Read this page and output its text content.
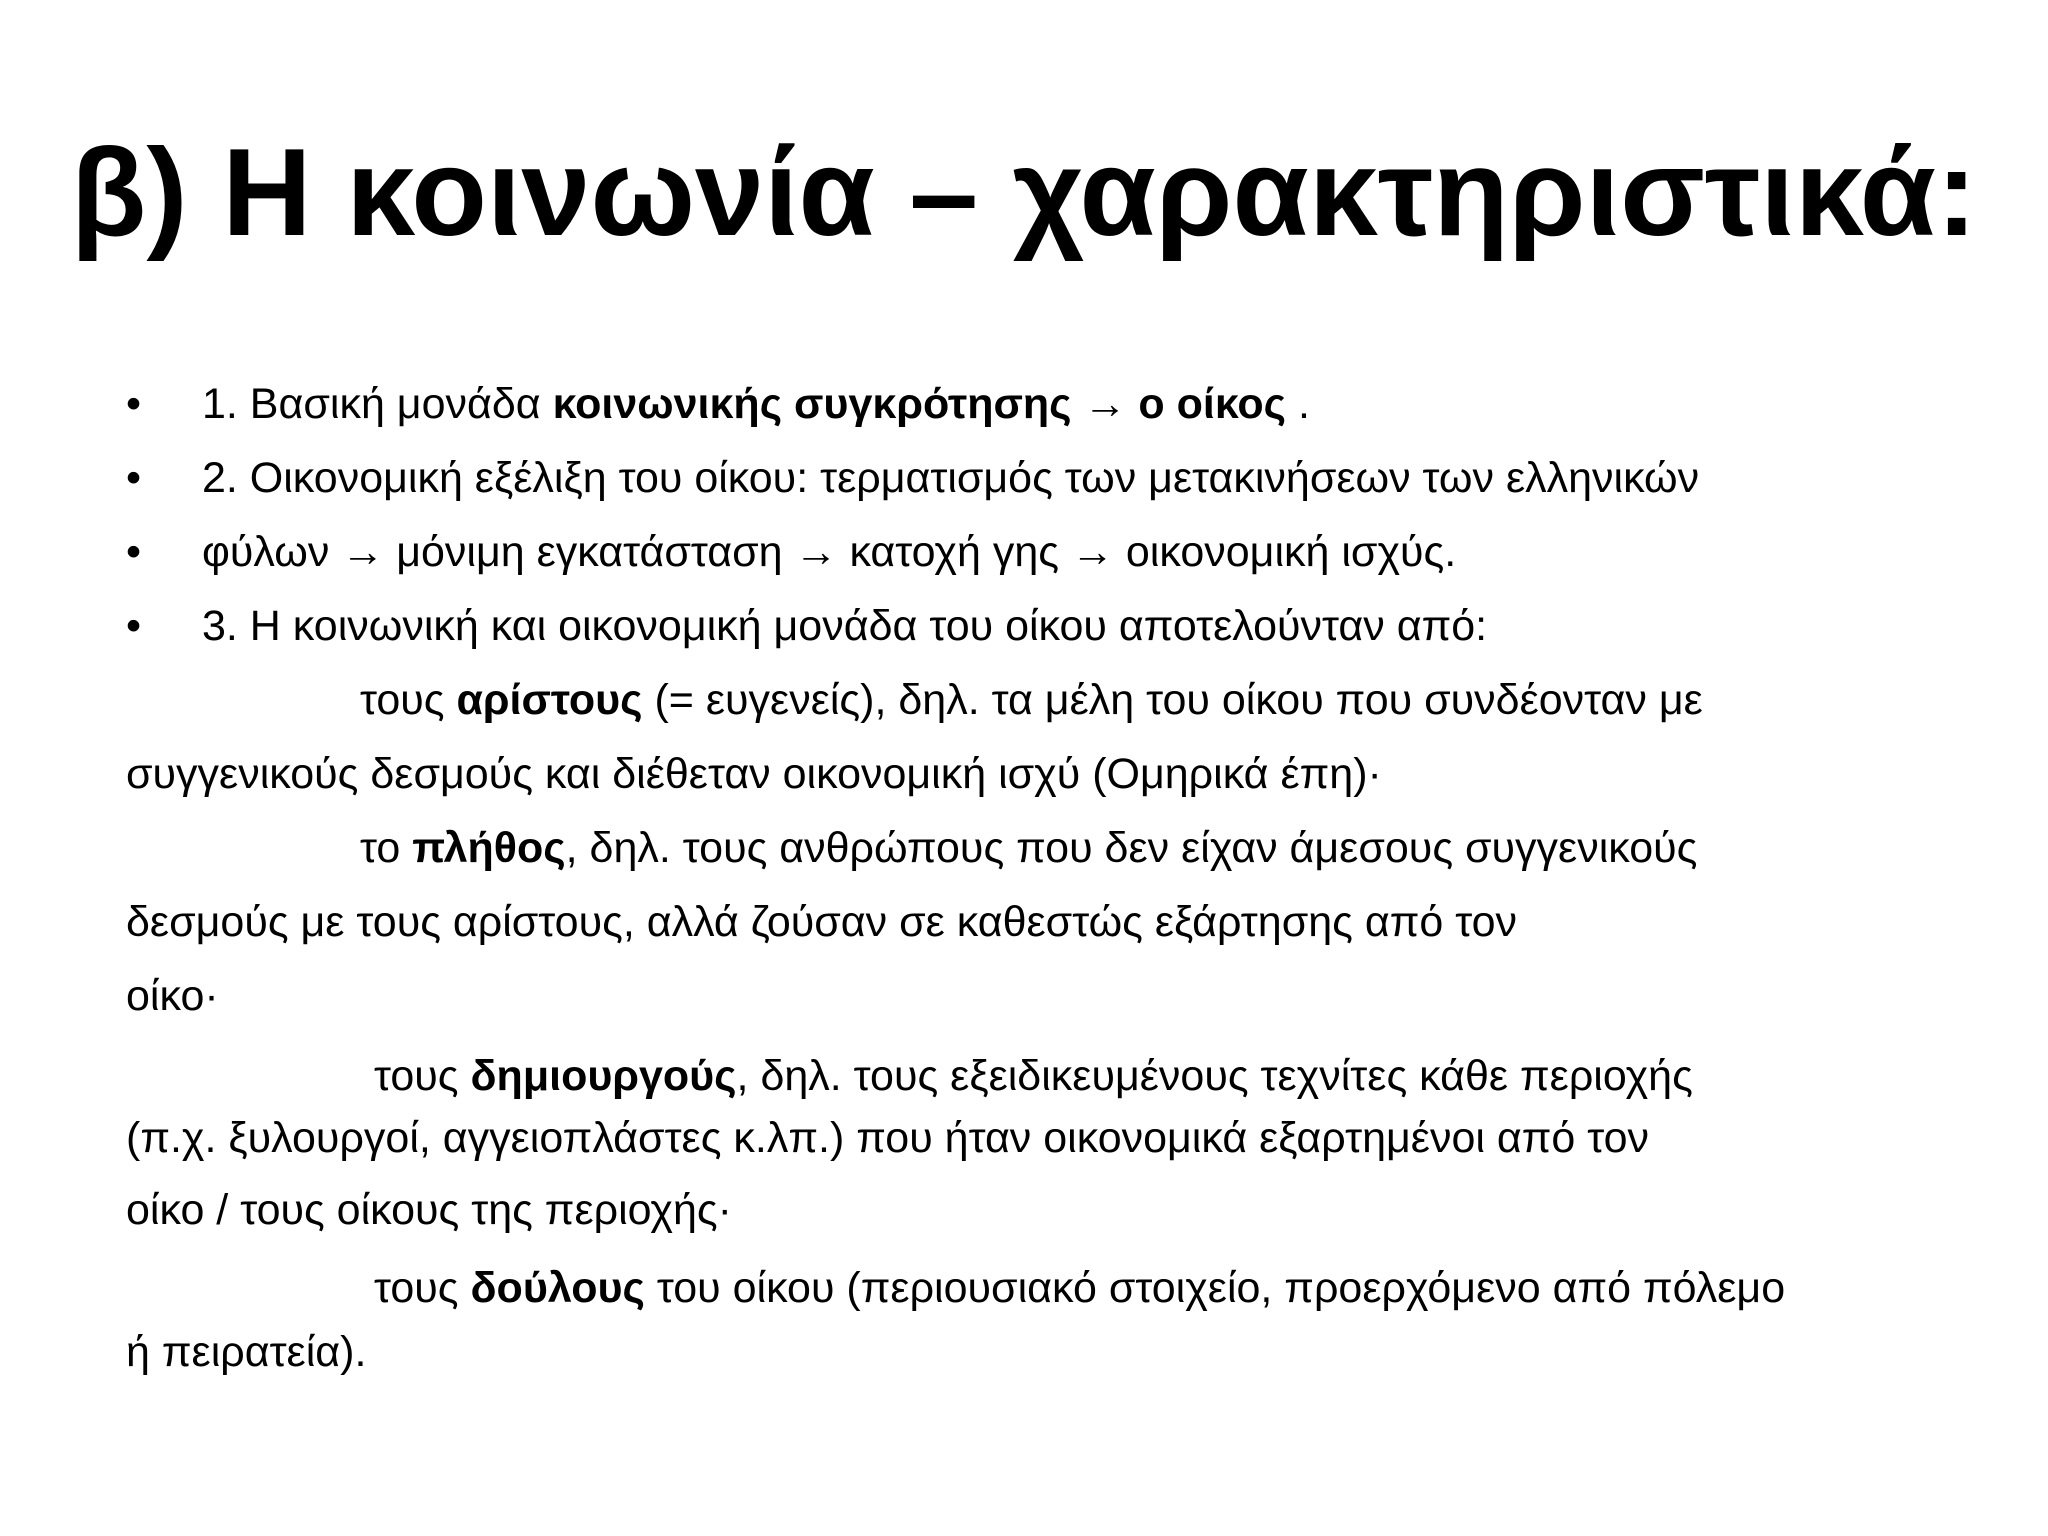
β) Η κοινωνία – χαρακτηριστικά:
• 1. Βασική μονάδα κοινωνικής συγκρότησης → ο οίκος .
• 2. Οικονομική εξέλιξη του οίκου: τερματισμός των μετακινήσεων των ελληνικών
• φύλων → μόνιμη εγκατάσταση → κατοχή γης → οικονομική ισχύς.
• 3. Η κοινωνική και οικονομική μονάδα του οίκου αποτελούνταν από:
τους αρίστους (= ευγενείς), δηλ. τα μέλη του οίκου που συνδέονταν με
συγγενικούς δεσμούς και διέθεταν οικονομική ισχύ (Ομηρικά έπη)·
το πλήθος, δηλ. τους ανθρώπους που δεν είχαν άμεσους συγγενικούς
δεσμούς με τους αρίστους, αλλά ζούσαν σε καθεστώς εξάρτησης από τον
οίκο·
τους δημιουργούς, δηλ. τους εξειδικευμένους τεχνίτες κάθε περιοχής
(π.χ. ξυλουργοί, αγγειοπλάστες κ.λπ.) που ήταν οικονομικά εξαρτημένοι από τον
οίκο / τους οίκους της περιοχής·
τους δούλους του οίκου (περιουσιακό στοιχείο, προερχόμενο από πόλεμο
ή πειρατεία).
